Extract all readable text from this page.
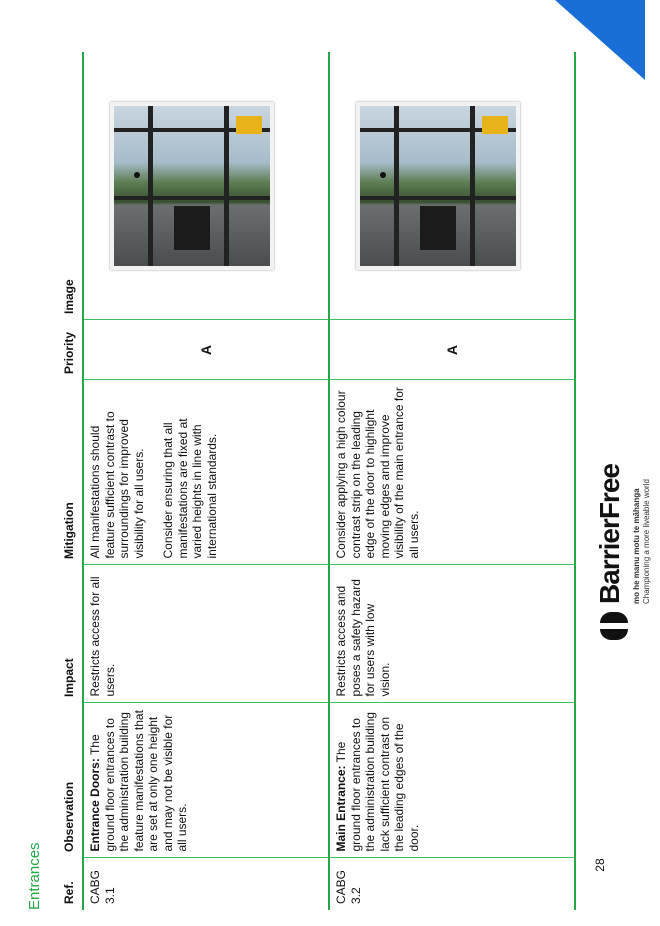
Entrances Ref.	Observation	Impact	Mitigation	Priority	Image
CABG 3.1	Entrance Doors: The ground floor entrances to the administration building feature manifestations that are set at only one height and may not be visible for all users.	Restricts access for all users.	All manifestations should feature sufficient contrast to surroundings for improved visibility for all users. Consider ensuring that all manifestations are fixed at varied heights in line with international standards.	A	

CABG 3.2	Main Entrance: The ground floor entrances to the administration building lack sufficient contrast on the leading edges of the door.	Restricts access and poses a safety hazard for users with low vision.	Consider applying a high colour contrast strip on the leading edge of the door to highlight moving edges and improve visibility of the main entrance for all users.	A	
BarrierFree mo he manu motu te māhanga Championing a more liveable world
28
